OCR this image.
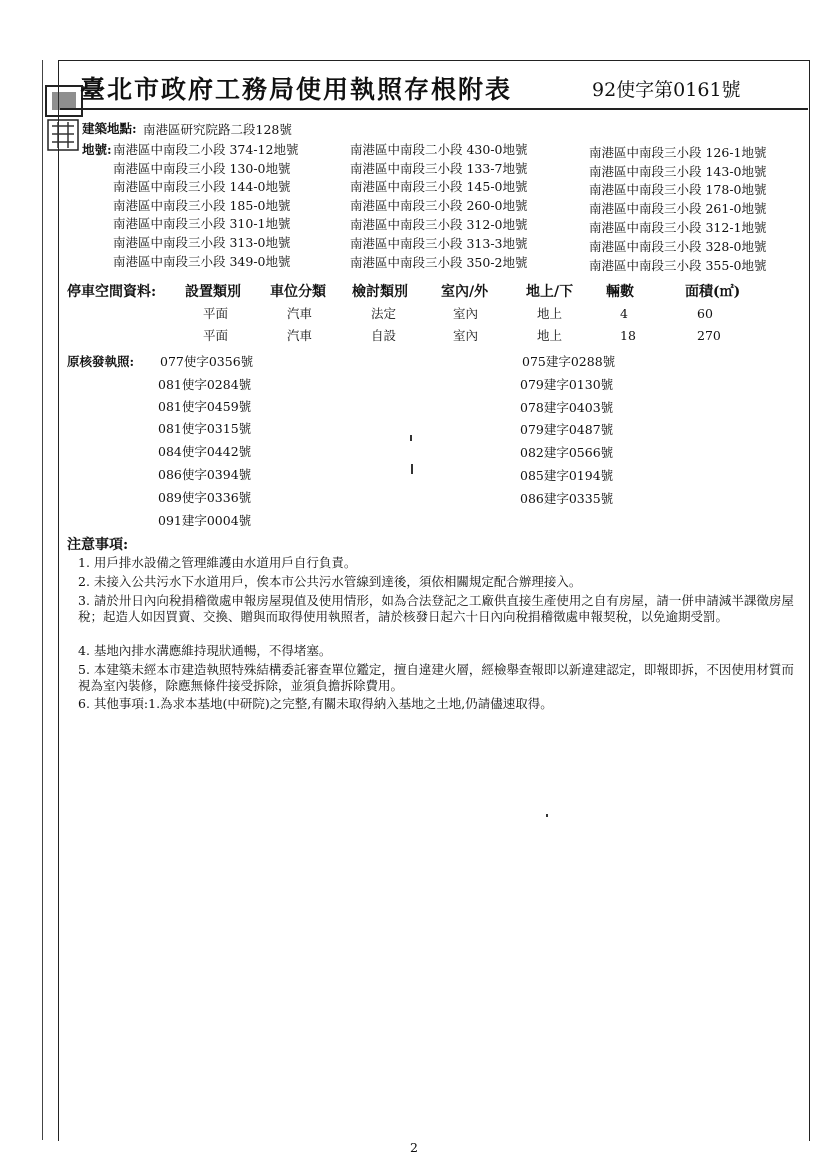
臺北市政府工務局使用執照存根附表	92使字第0161號
建築地點: 南港區研究院路二段128號
地號: 南港區中南段二小段 374-12地號	南港區中南段二小段 430-0地號	南港區中南段三小段 126-1地號
南港區中南段三小段 130-0地號	南港區中南段三小段 133-7地號	南港區中南段三小段 143-0地號
南港區中南段三小段 144-0地號	南港區中南段三小段 145-0地號	南港區中南段三小段 178-0地號
南港區中南段三小段 185-0地號	南港區中南段三小段 260-0地號	南港區中南段三小段 261-0地號
南港區中南段三小段 310-1地號	南港區中南段三小段 312-0地號	南港區中南段三小段 312-1地號
南港區中南段三小段 313-0地號	南港區中南段三小段 313-3地號	南港區中南段三小段 328-0地號
南港區中南段三小段 349-0地號	南港區中南段三小段 350-2地號	南港區中南段三小段 355-0地號
停車空間資料: 設置類別 車位分類 檢討類別 室內/外	地上/下 輛數	面積(㎡)
平面	汽車	法定	室內	地上	4	60
平面	汽車	自設	室內	地上	18	270
原核發執照: 077使字0356號
081使字0284號
081使字0459號
081使字0315號
084使字0442號
086使字0394號
089使字0336號
091建字0004號
075建字0288號
079建字0130號
078建字0403號
079建字0487號
082建字0566號
085建字0194號
086建字0335號
注意事項:
1. 用戶排水設備之管理維護由水道用戶自行負責。
2. 未接入公共污水下水道用戶，俟本市公共污水管線到達後，須依相關規定配合辦理接入。
3. 請於卅日內向稅捐稽徵處申報房屋現值及使用情形，如為合法登記之工廠供直接生產使用之自有房屋，請一併申請減半課徵房屋稅；起造人如因買賣、交換、贈與而取得使用執照者，請於核發日起六十日內向稅捐稽徵處申報契稅，以免逾期受罰。
4. 基地內排水溝應維持現狀通暢，不得堵塞。
5. 本建築未經本市建造執照特殊結構委託審查單位鑑定，擅自違建火層，經檢舉查報即以新違建認定，即報即拆，不因使用材質而視為室內裝修，除應無條件接受拆除，並須負擔拆除費用。
6. 其他事項:1.為求本基地(中研院)之完整,有關未取得納入基地之土地,仍請儘速取得。
2
